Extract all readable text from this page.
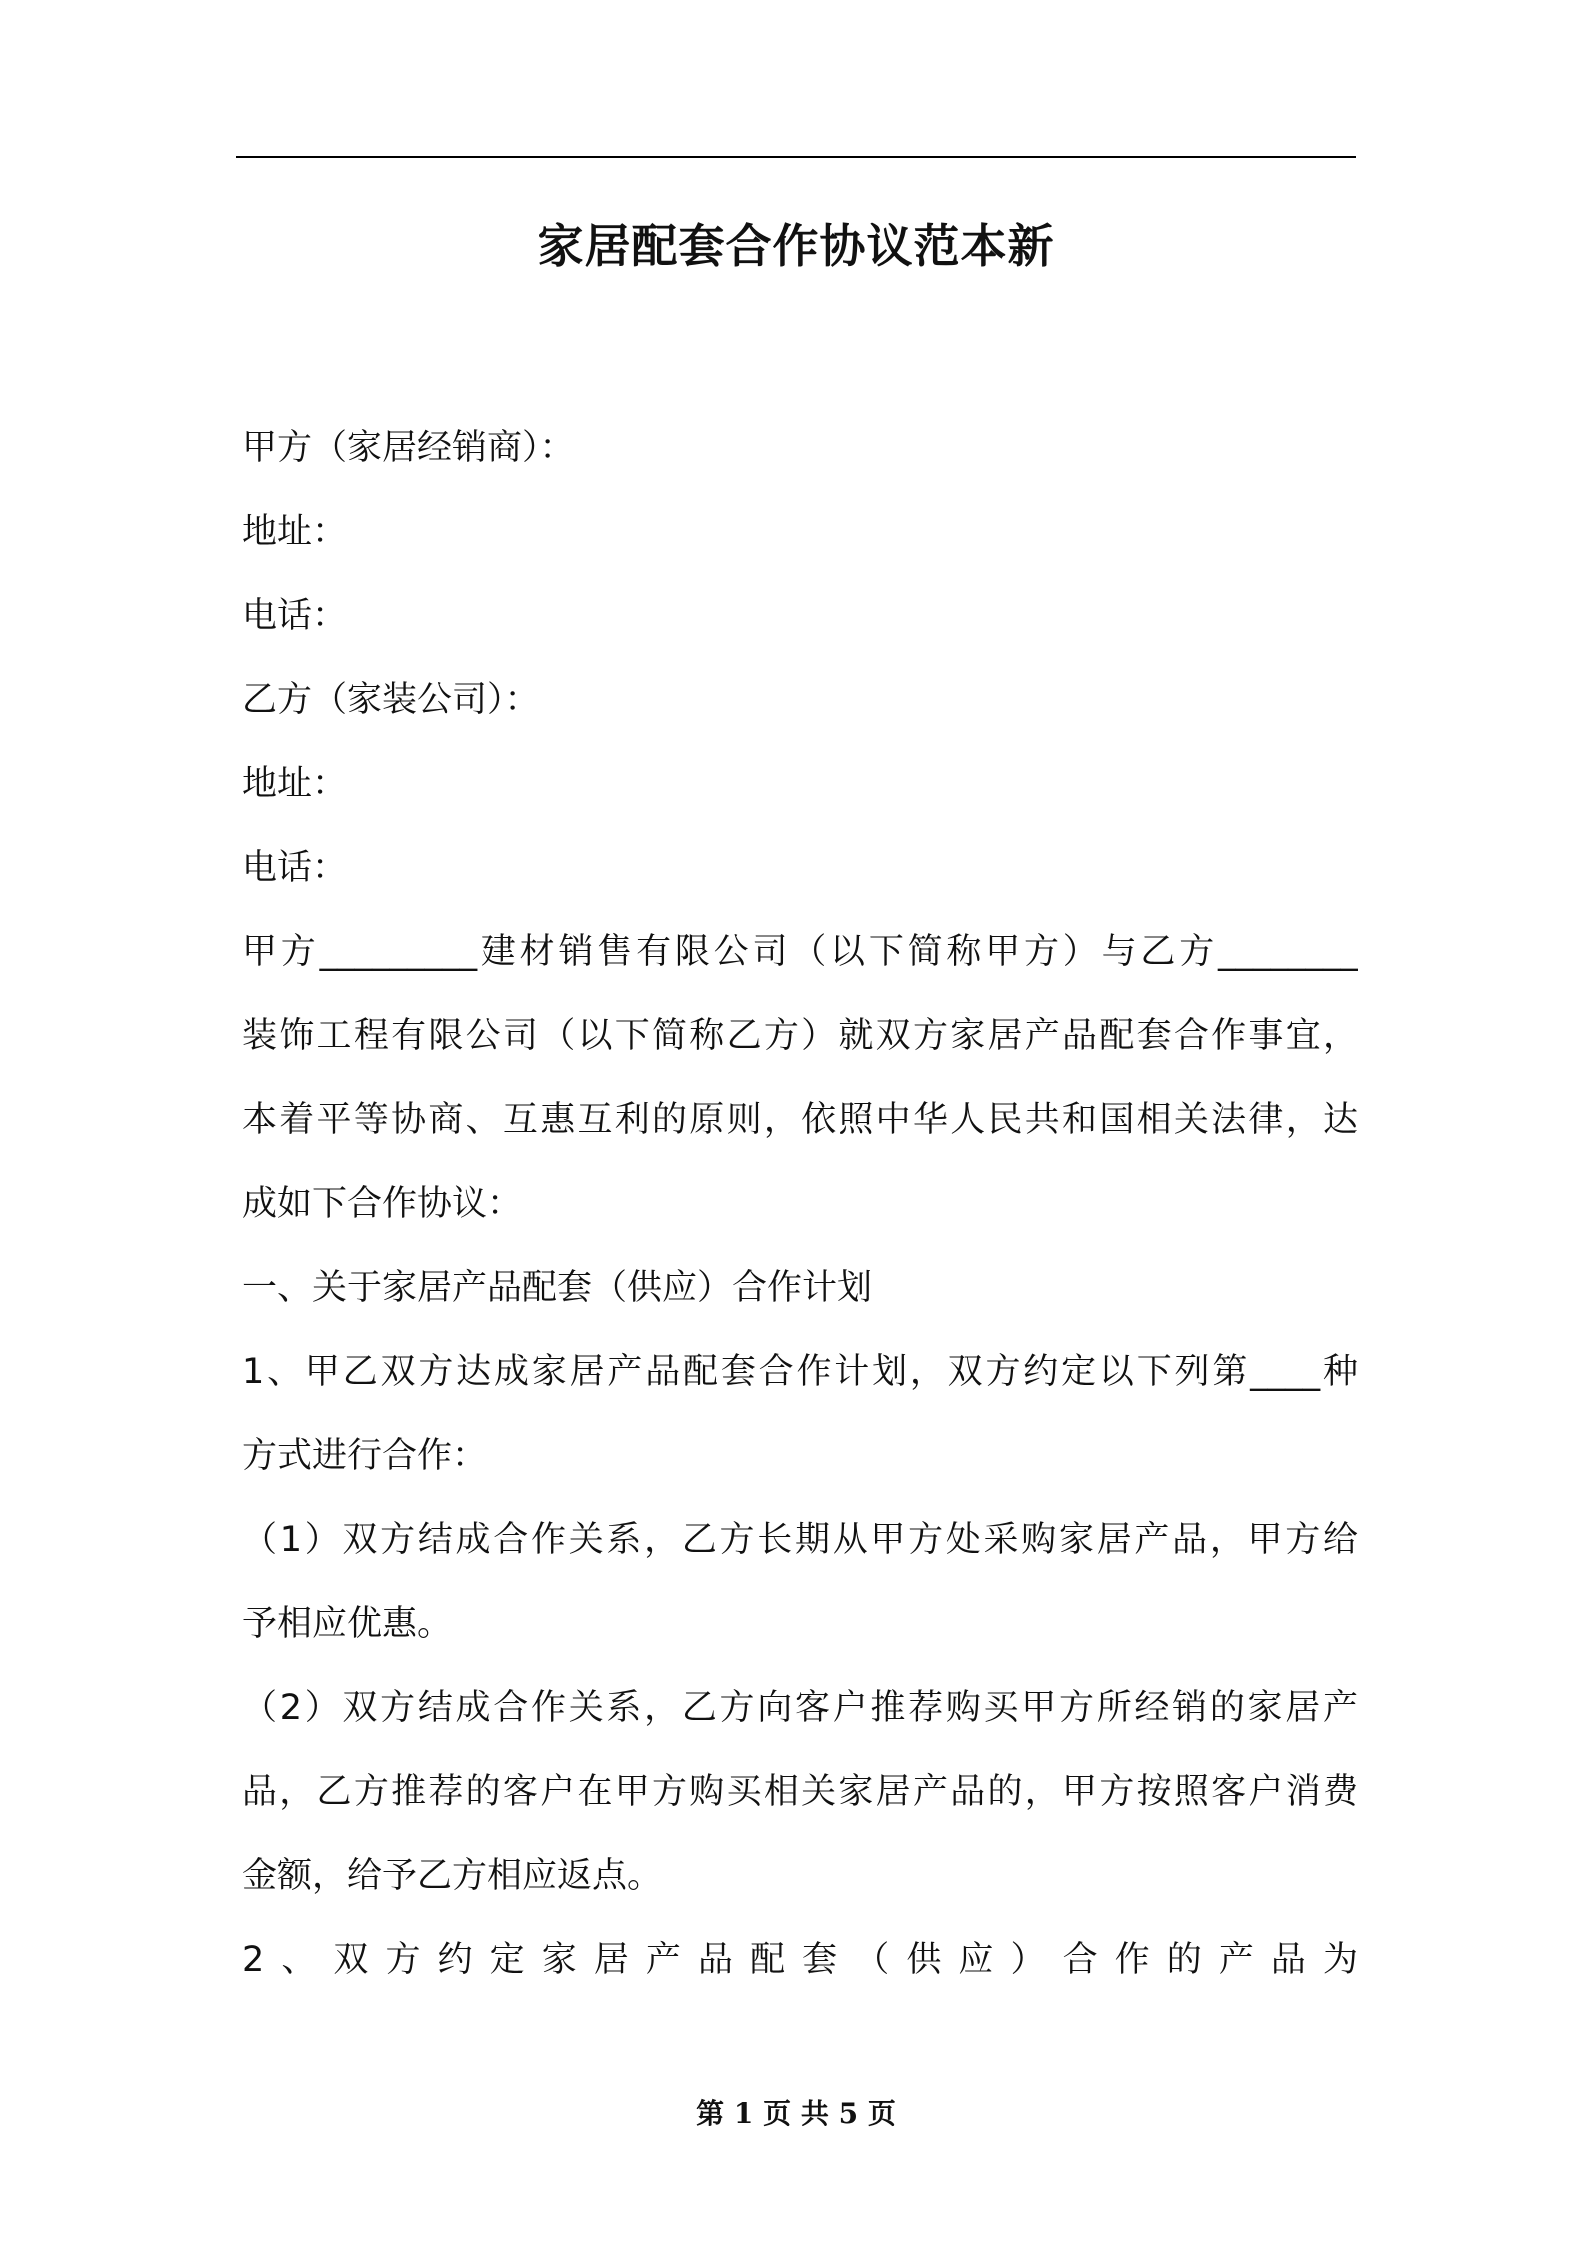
家居配套合作协议范本新
甲方（家居经销商）：
地址：
电话：
乙方（家装公司）：
地址：
电话：
甲方_________建材销售有限公司（以下简称甲方）与乙方________
装饰工程有限公司（以下简称乙方）就双方家居产品配套合作事宜，
本着平等协商、互惠互利的原则，依照中华人民共和国相关法律，达
成如下合作协议：
一、关于家居产品配套（供应）合作计划
1、甲乙双方达成家居产品配套合作计划，双方约定以下列第____种
方式进行合作：
（1）双方结成合作关系，乙方长期从甲方处采购家居产品，甲方给
予相应优惠。
（2）双方结成合作关系，乙方向客户推荐购买甲方所经销的家居产
品，乙方推荐的客户在甲方购买相关家居产品的，甲方按照客户消费
金额，给予乙方相应返点。
2、双方约定家居产品配套（供应）合作的产品为
第 1 页 共 5 页
